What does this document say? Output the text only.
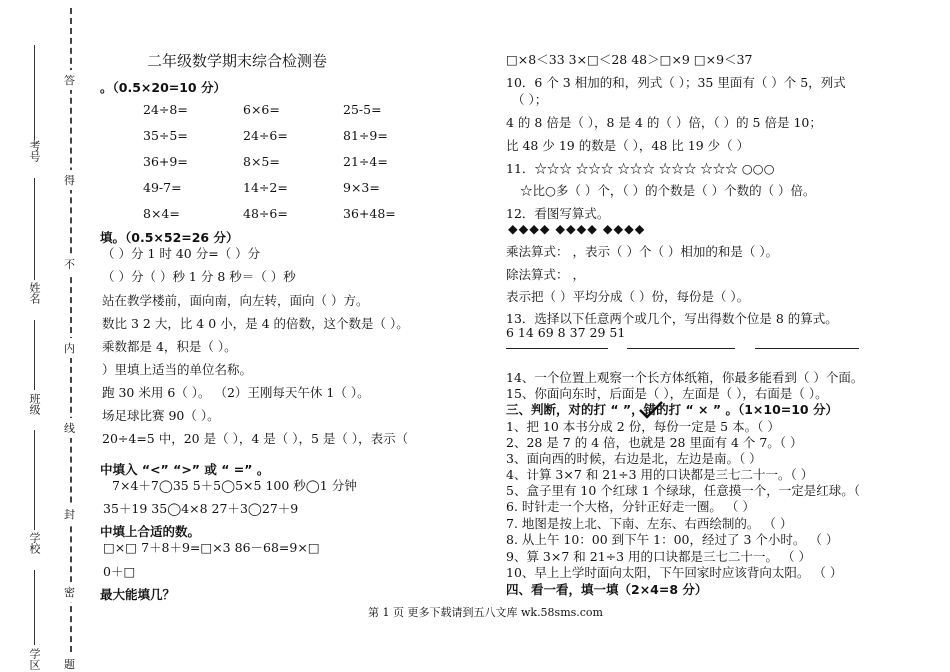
考号
姓名
班级
学校
学区
答
得
不
内
线
封
密
题
二年级数学期末综合检测卷
。（0.5×20=10 分）
24÷8=	6×6=	25-5=
35÷5=	24÷6=	81÷9=
36+9=	8×5=	21÷4=
49-7=	14÷2=	9×3=
8×4=	48÷6=	36+48=
填。（0.5×52=26 分）
（ ）分 1 时 40 分=（ ）分
（ ）分（ ）秒 1 分 8 秒＝（ ）秒
站在教学楼前，面向南，向左转，面向（ ）方。
数比 3 2 大，比 4 0 小，是 4 的倍数，这个数是（ ）。
乘数都是 4，积是（ ）。
）里填上适当的单位名称。
跑 30 米用 6（ ）。 （2）王刚每天午休 1（ ）。
场足球比赛 90（ ）。
20÷4=5 中，20 是（ ），4 是（ ），5 是（ ），表示（
中填入 “<” “>” 或 “ =” 。
7×4＋7◯35 5＋5◯5×5 100 秒◯1 分钟
35＋19 35◯4×8 27＋3◯27＋9
中填上合适的数。
□×□ 7＋8＋9=□×3 86－68=9×□
0＋□
最大能填几？
□×8＜33 3×□＜28 48＞□×9 □×9＜37
10．6 个 3 相加的和，列式（ ）；35 里面有（ ）个 5，列式
（ ）；
4 的 8 倍是（ ），8 是 4 的（ ）倍，（ ）的 5 倍是 10；
比 48 少 19 的数是（ ），48 比 19 少（ ）
11．☆☆☆ ☆☆☆ ☆☆☆ ☆☆☆ ☆☆☆ ○○○
☆比○多（ ）个，（ ）的个数是（ ）个数的（ ）倍。
12．看图写算式。
◆◆◆◆ ◆◆◆◆ ◆◆◆◆
乘法算式： ，表示（ ）个（ ）相加的和是（ ）。
除法算式： ，
表示把（ ）平均分成（ ）份，每份是（ ）。
13．选择以下任意两个或几个，写出得数个位是 8 的算式。
6 14 69 8 37 29 51
14、一个位置上观察一个长方体纸箱，你最多能看到（ ）个面。
15、你面向东时，后面是（ ），左面是（ ），右面是（ ）。
三、判断，对的打 “ ”，错的打 “ × ” 。（1×10=10 分）
1、把 10 本书分成 2 份，每份一定是 5 本。（ ）
2、28 是 7 的 4 倍，也就是 28 里面有 4 个 7。（ ）
3、面向西的时候，右边是北，左边是南。（ ）
4、计算 3×7 和 21÷3 用的口诀都是三七二十一。（ ）
5、盒子里有 10 个红球 1 个绿球，任意摸一个，一定是红球。（
6. 时针走一个大格，分针正好走一圈。 （ ）
7. 地图是按上北、下南、左东、右西绘制的。 （ ）
8. 从上午 10：00 到下午 1：00，经过了 3 个小时。 （ ）
9、算 3×7 和 21÷3 用的口诀都是三七二十一。 （ ）
10、早上上学时面向太阳，下午回家时应该背向太阳。 （ ）
四、看一看，填一填（2×4=8 分）
第 1 页 更多下载请到五八文库 wk.58sms.com
